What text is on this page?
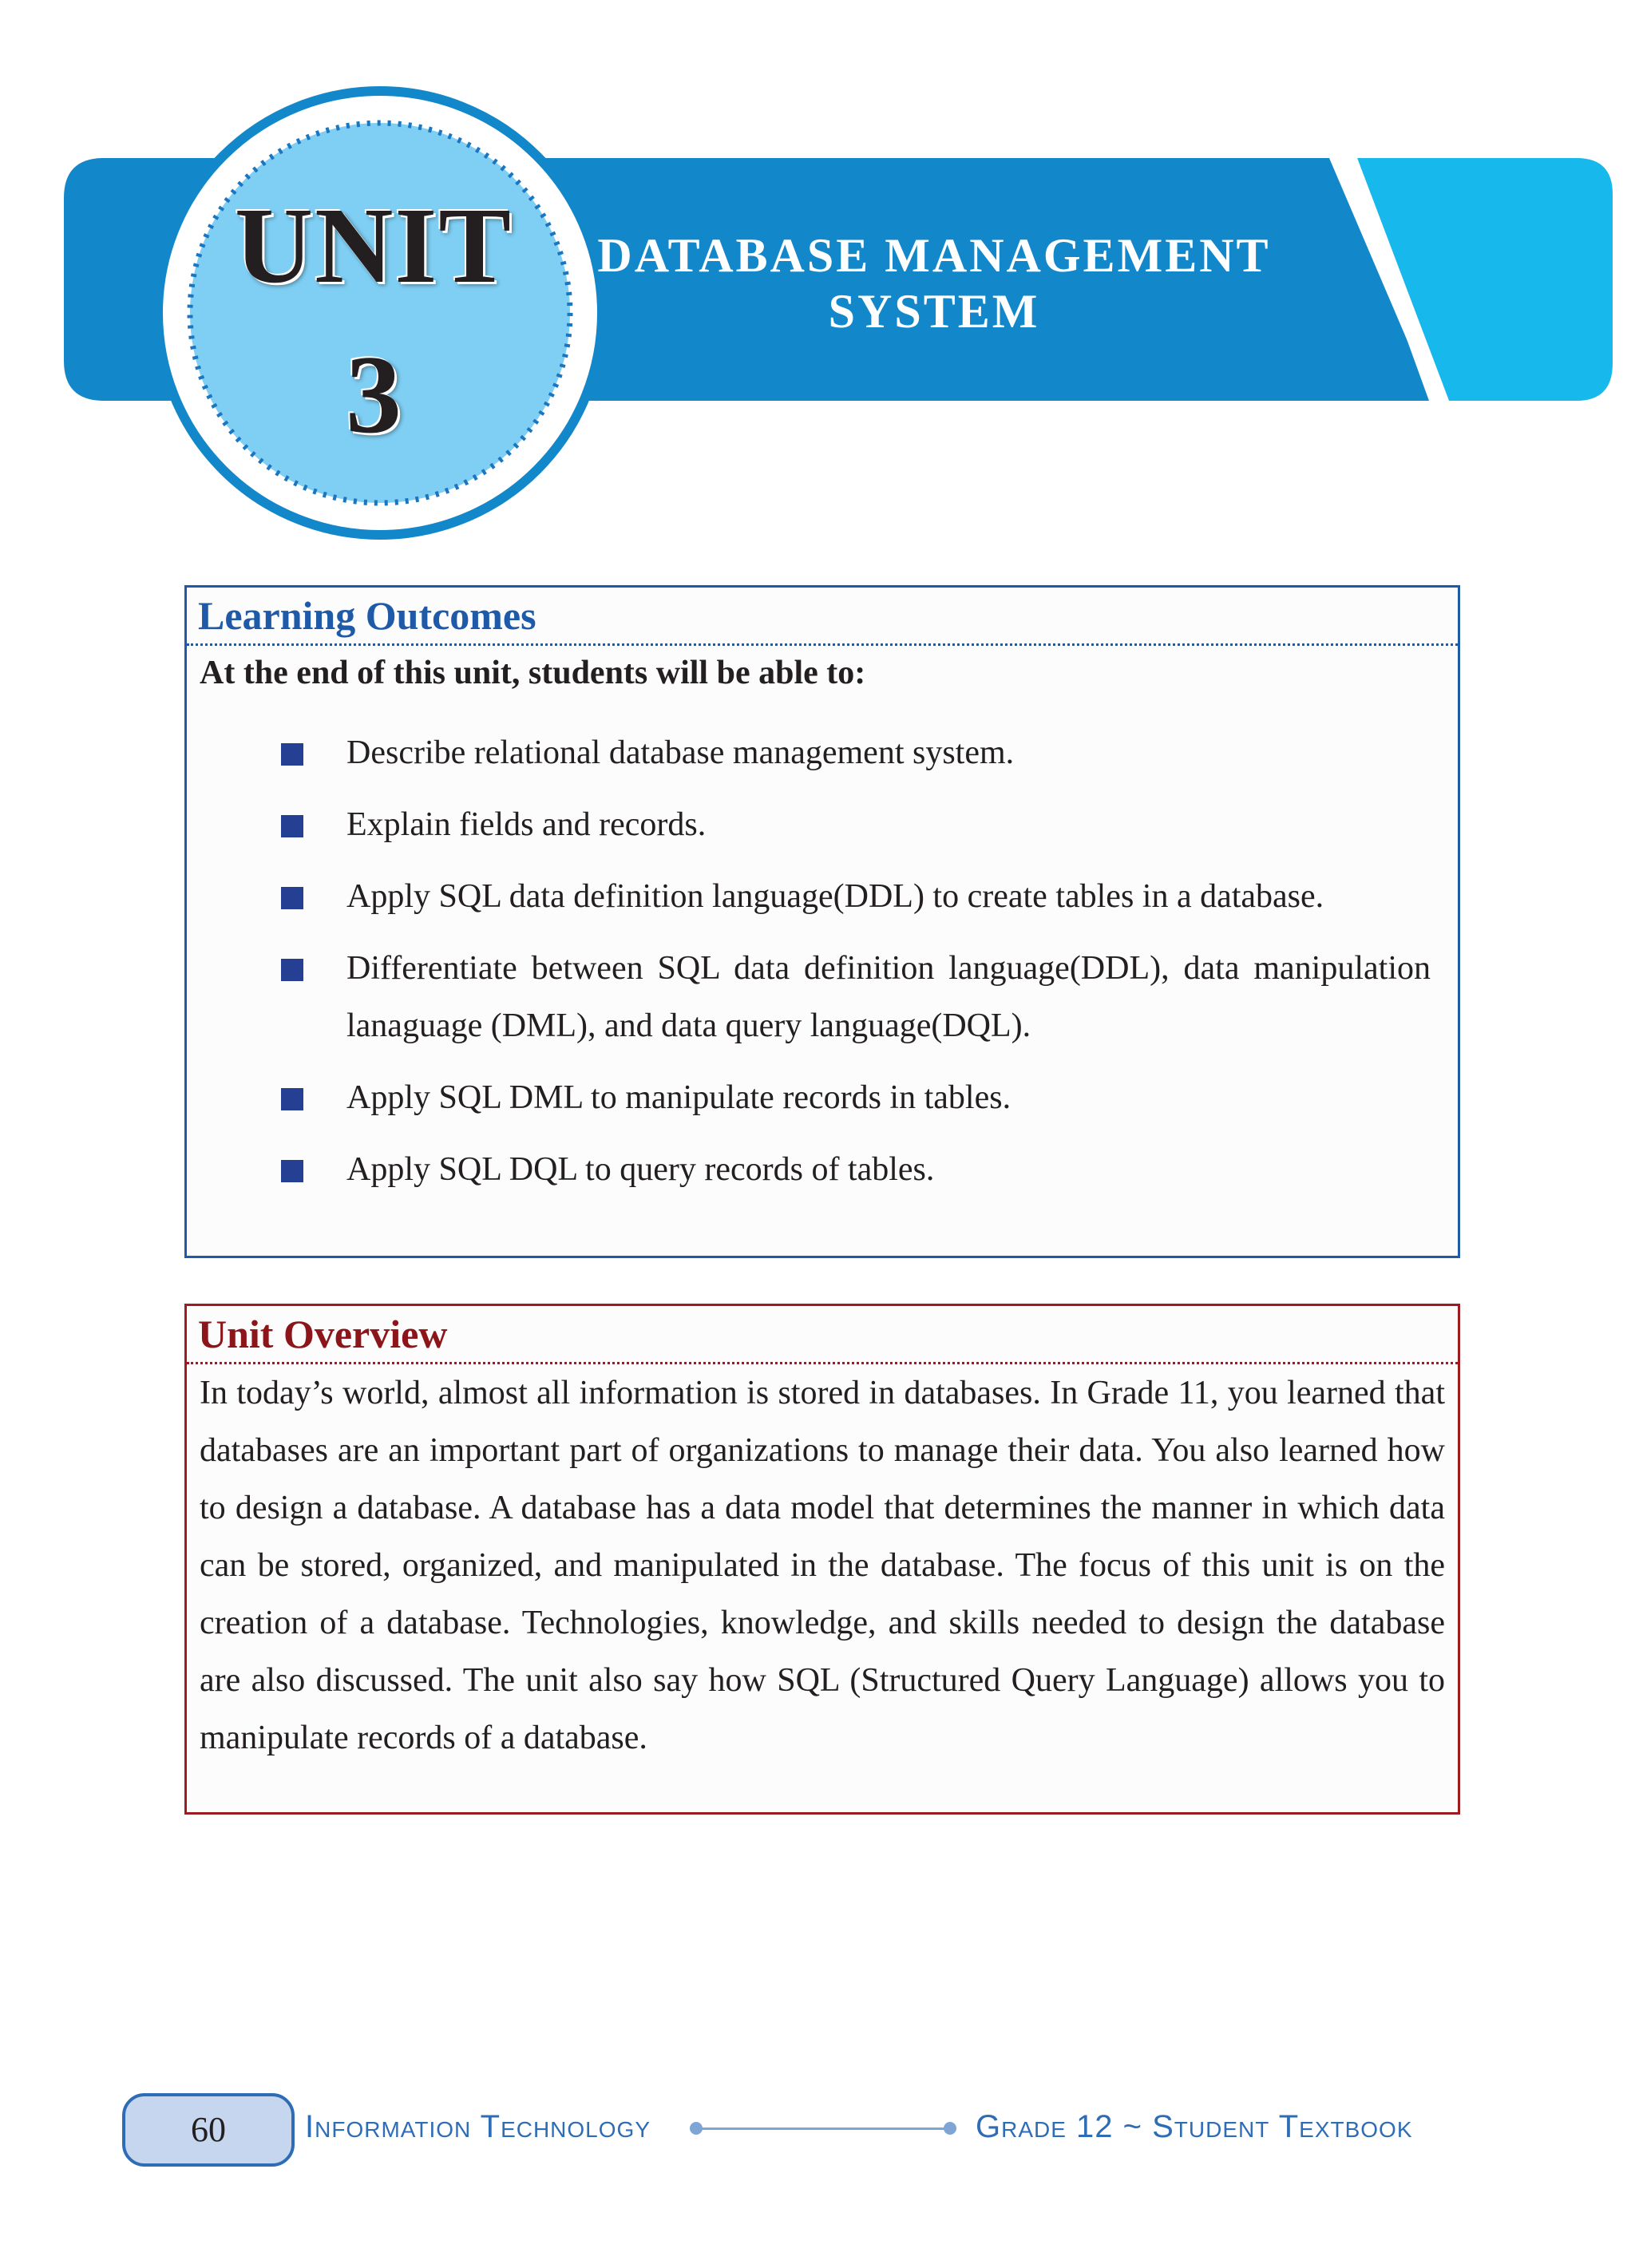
UNIT
3
DATABASE MANAGEMENT
SYSTEM
Learning Outcomes
At the end of this unit, students will be able to:
Describe relational database management system.
Explain fields and records.
Apply SQL data definition language(DDL) to create tables in a database.
Differentiate between SQL data definition language(DDL), data manipulation lanaguage (DML), and data query language(DQL).
Apply SQL DML to manipulate records in tables.
Apply SQL DQL to query records of tables.
Unit Overview

In today’s world, almost all information is stored in databases. In Grade 11, you learned that databases are an important part of organizations to manage their data. You also learned how to design a database. A database has a data model that determines the manner in which data can be stored, organized, and manipulated in the database. The focus of this unit is on the creation of a database. Technologies, knowledge, and skills needed to design the database are also discussed. The unit also say how SQL (Structured Query Language) allows you to manipulate records of a database.

60	Information Technology	Grade 12 ~ Student Textbook
